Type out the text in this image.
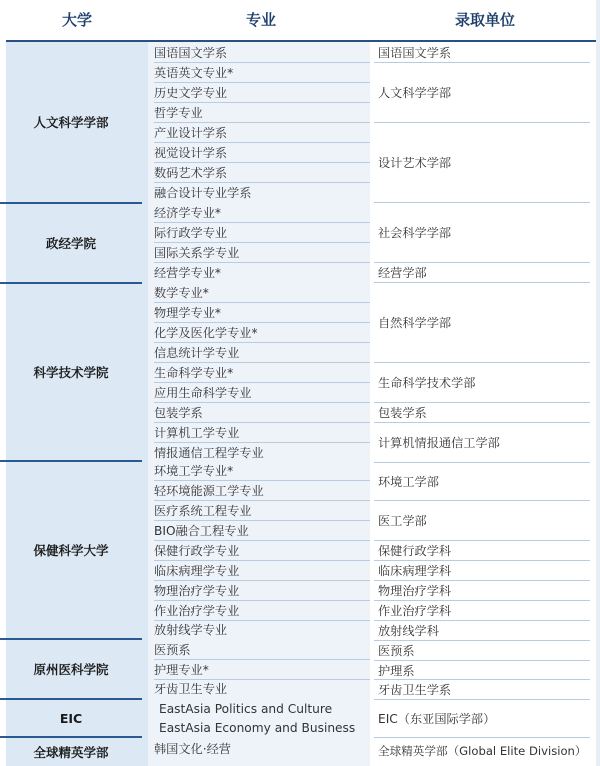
大学	专业	录取单位
人文科学学部
政经学院
科学技术学院
保健科学大学
原州医科学院
EIC
全球精英学部
国语国文学系
英语英文专业*
历史文学专业
哲学专业
产业设计学系
视觉设计学系
数码艺术学系
融合设计专业学系
经济学专业*
际行政学专业
国际关系学专业
经营学专业*
数学专业*
物理学专业*
化学及医化学专业*
信息统计学专业
生命科学专业*
应用生命科学专业
包装学系
计算机工学专业
情报通信工程学专业
环境工学专业*
轻环境能源工学专业
医疗系统工程专业
BIO融合工程专业
保健行政学专业
临床病理学专业
物理治疗学专业
作业治疗学专业
放射线学专业
医预系
护理专业*
牙齿卫生专业
EastAsia Politics and Culture
EastAsia Economy and Business
韩国文化·经营
国语国文学系
人文科学学部
设计艺术学部
社会科学学部
经营学部
自然科学学部
生命科学技术学部
包装学系
计算机情报通信工学部
环境工学部
医工学部
保健行政学科
临床病理学科
物理治疗学科
作业治疗学科
放射线学科
医预系
护理系
牙齿卫生学系
EIC（东亚国际学部）
全球精英学部（Global Elite Division）
